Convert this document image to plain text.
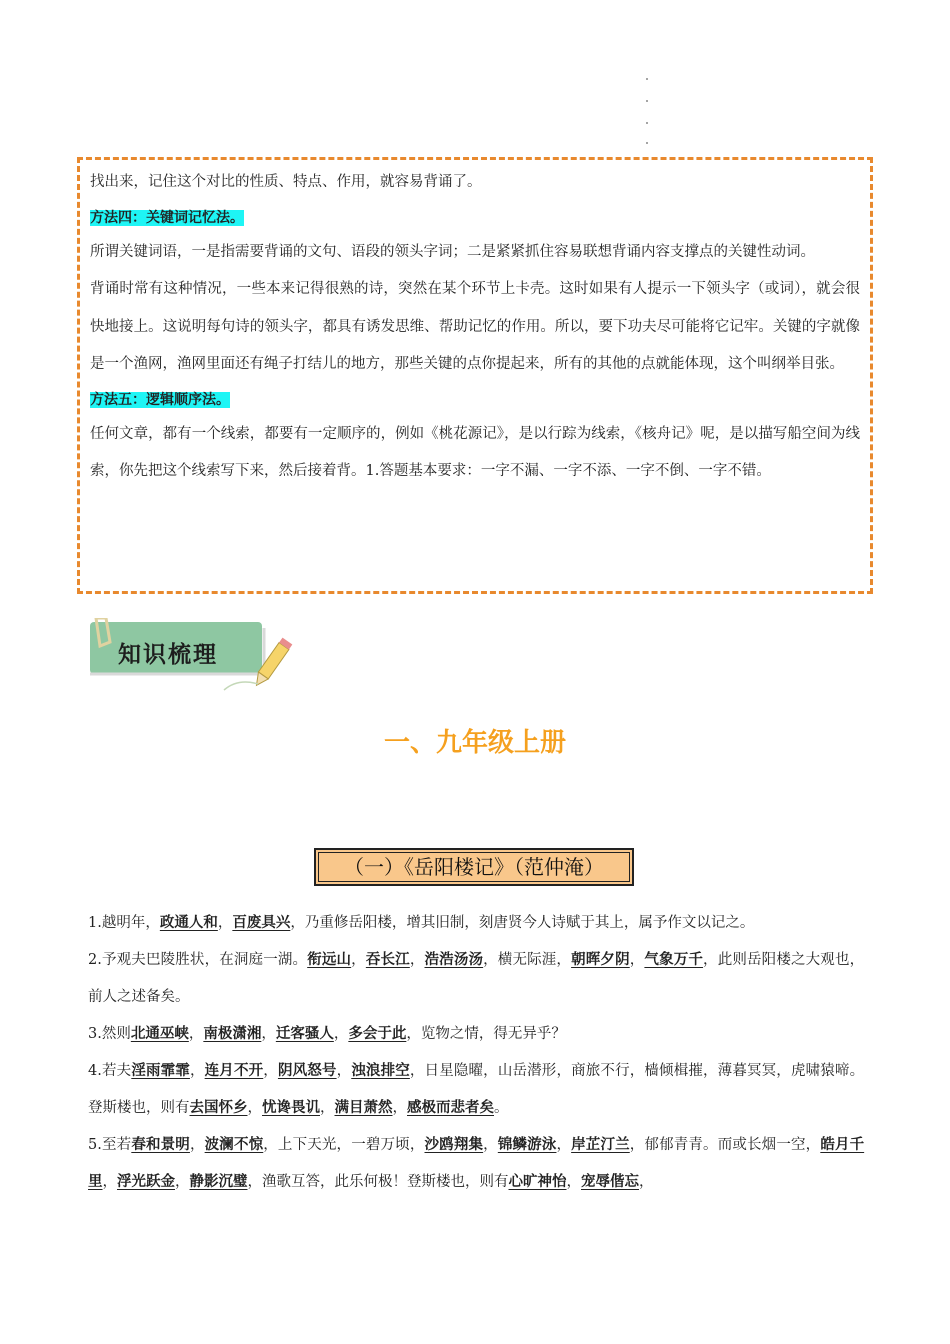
找出来，记住这个对比的性质、特点、作用，就容易背诵了。

方法四：关键词记忆法。

所谓关键词语，一是指需要背诵的文句、语段的领头字词；二是紧紧抓住容易联想背诵内容支撑点的关键性动词。

背诵时常有这种情况，一些本来记得很熟的诗，突然在某个环节上卡壳。这时如果有人提示一下领头字（或词），就会很快地接上。这说明每句诗的领头字，都具有诱发思维、帮助记忆的作用。所以，要下功夫尽可能将它记牢。关键的字就像是一个渔网，渔网里面还有绳子打结儿的地方，那些关键的点你提起来，所有的其他的点就能体现，这个叫纲举目张。

方法五：逻辑顺序法。

任何文章，都有一个线索，都要有一定顺序的，例如《桃花源记》，是以行踪为线索，《核舟记》呢，是以描写船空间为线索，你先把这个线索写下来，然后接着背。1.答题基本要求：一字不漏、一字不添、一字不倒、一字不错。

知识梳理
一、九年级上册
（一）《岳阳楼记》（范仲淹）

1.越明年，政通人和，百废具兴，乃重修岳阳楼，增其旧制，刻唐贤今人诗赋于其上，属予作文以记之。

2.予观夫巴陵胜状，在洞庭一湖。衔远山，吞长江，浩浩汤汤，横无际涯，朝晖夕阴，气象万千，此则岳阳楼之大观也，前人之述备矣。

3.然则北通巫峡，南极潇湘，迁客骚人，多会于此，览物之情，得无异乎？

4.若夫淫雨霏霏，连月不开，阴风怒号，浊浪排空，日星隐曜，山岳潜形，商旅不行，樯倾楫摧，薄暮冥冥，虎啸猿啼。登斯楼也，则有去国怀乡，忧谗畏讥，满目萧然，感极而悲者矣。

5.至若春和景明，波澜不惊，上下天光，一碧万顷，沙鸥翔集，锦鳞游泳，岸芷汀兰，郁郁青青。而或长烟一空，皓月千里，浮光跃金，静影沉璧，渔歌互答，此乐何极！登斯楼也，则有心旷神怡，宠辱偕忘，
